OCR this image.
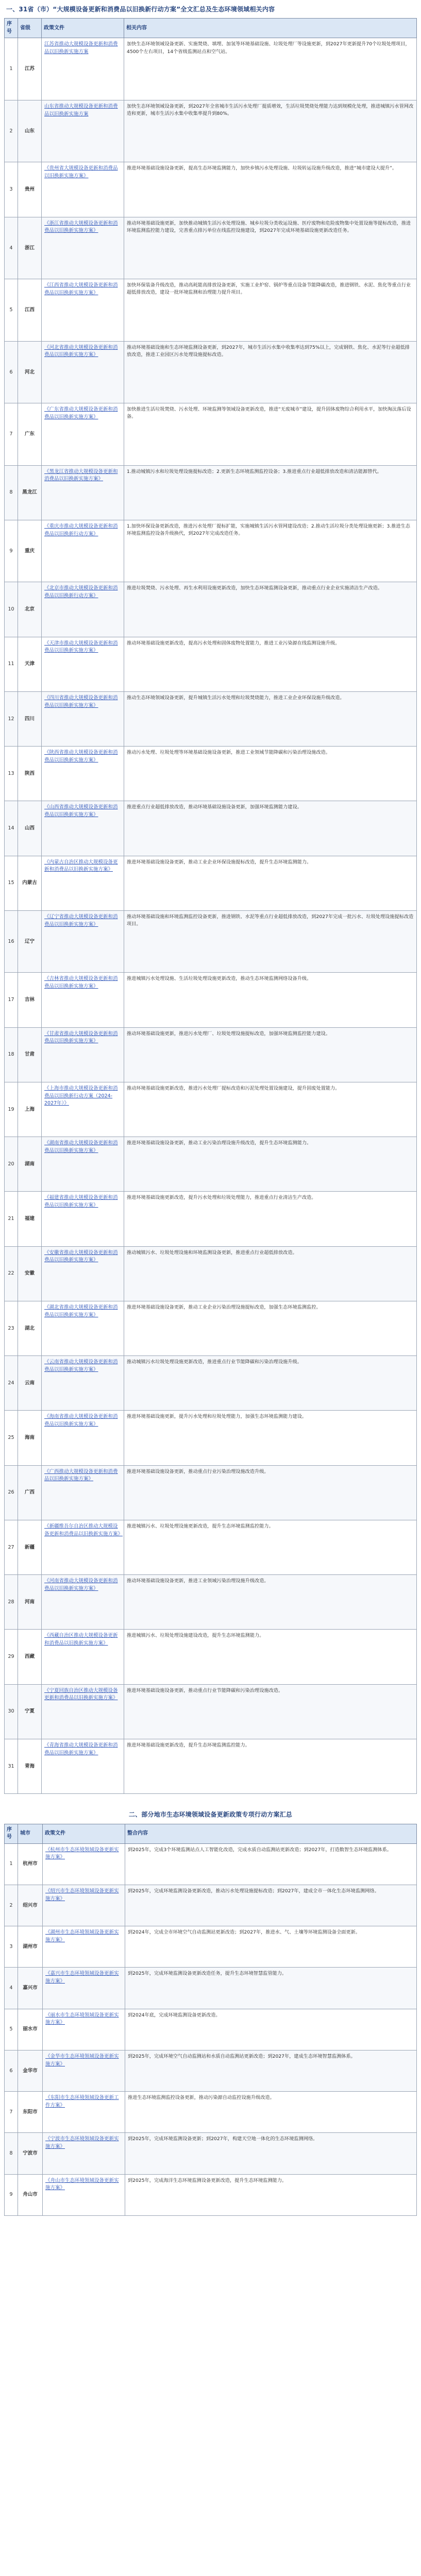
一、31省（市）“大规模设备更新和消费品以旧换新行动方案”全文汇总及生态环境领域相关内容
序号	省级	政策文件	相关内容
1	江苏	江苏省推动大规模设备更新和消费品以旧换新实施方案	加快生态环境领域设备更新、实施焚烧、填埋、加氢等环境基础设施、垃圾处理厂等设施更新，到2027年更新提升70个垃圾处理项目，4500个左右项目，14个省级监测站点和空气站。
2	山东	山东省推动大规模设备更新和消费品以旧换新实施方案	加快生态环境领域设备更新，到2027年全省城市生活污水处理厂提质增效，生活垃圾焚烧处理能力达到规模化处理，推进城镇污水管网改造和更新，城市生活污水集中收集率提升到80%。
3	贵州	《贵州省大规模设备更新和消费品以旧换新实施方案》	推进环境基础设施设备更新，提高生态环境监测能力，加快乡镇污水处理设施、垃圾转运设施升级改造，推进“城市建设大提升”。
4	浙江	《浙江省推动大规模设备更新和消费品以旧换新实施方案》	推动环境基础设施更新，加快推动城镇生活污水处理设施、城乡垃圾分类收运设施、医疗废物和危险废物集中处置设施等提标改造，推进环境监测监控能力建设，完善重点排污单位在线监控设施建设，到2027年完成环境基础设施更新改造任务。
5	江西	《江西省推动大规模设备更新和消费品以旧换新实施方案》	加快环保装备升级改造，推动高耗能高排放设备更新，实施工业炉窑、锅炉等重点设备节能降碳改造，推进钢铁、水泥、焦化等重点行业超低排放改造，建设一批环境监测和治理能力提升项目。
6	河北	《河北省推动大规模设备更新和消费品以旧换新实施方案》	推动环境基础设施和生态环境监测设备更新，到2027年，城市生活污水集中收集率达到75%以上，完成钢铁、焦化、水泥等行业超低排放改造，推进工业园区污水处理设施提标改造。
7	广东	《广东省推动大规模设备更新和消费品以旧换新实施方案》	加快推进生活垃圾焚烧、污水处理、环境监测等领域设备更新改造，推进“无废城市”建设，提升固体废物综合利用水平，加快淘汰落后设备。
8	黑龙江	《黑龙江省推动大规模设备更新和消费品以旧换新实施方案》	1.推动城镇污水和垃圾处理设施提标改造；2.更新生态环境监测监控设备；3.推进重点行业超低排放改造和清洁能源替代。
9	重庆	《重庆市推动大规模设备更新和消费品以旧换新行动方案》	1.加快环保设备更新改造，推进污水处理厂提标扩能，实施城镇生活污水管网建设改造；2.推动生活垃圾分类处理设施更新；3.推进生态环境监测监控设备升级换代，到2027年完成改造任务。
10	北京	《北京市推动大规模设备更新和消费品以旧换新行动方案》	推进垃圾焚烧、污水处理、再生水利用设施更新改造，加快生态环境监测设备更新，推动重点行业企业实施清洁生产改造。
11	天津	《天津市推动大规模设备更新和消费品以旧换新实施方案》	推动环境基础设施更新改造，提高污水处理和固体废物处置能力，推进工业污染源在线监测设施升级。
12	四川	《四川省推动大规模设备更新和消费品以旧换新实施方案》	推动生态环境领域设备更新，提升城镇生活污水处理和垃圾焚烧能力，推进工业企业环保设施升级改造。
13	陕西	《陕西省推动大规模设备更新和消费品以旧换新实施方案》	推动污水处理、垃圾处理等环境基础设施设备更新，推进工业领域节能降碳和污染治理设施改造。
14	山西	《山西省推动大规模设备更新和消费品以旧换新实施方案》	推进重点行业超低排放改造，推动环境基础设施设备更新，加强环境监测能力建设。
15	内蒙古	《内蒙古自治区推动大规模设备更新和消费品以旧换新实施方案》	推进环境基础设施设备更新，推动工业企业环保设施提标改造，提升生态环境监测能力。
16	辽宁	《辽宁省推动大规模设备更新和消费品以旧换新实施方案》	推动环境基础设施和环境监测监控设备更新，推进钢铁、水泥等重点行业超低排放改造，到2027年完成一批污水、垃圾处理设施提标改造项目。
17	吉林	《吉林省推动大规模设备更新和消费品以旧换新实施方案》	推进城镇污水处理设施、生活垃圾处理设施更新改造，推动生态环境监测网络设备升级。
18	甘肃	《甘肃省推动大规模设备更新和消费品以旧换新实施方案》	推动环境基础设施更新，推进污水处理厂、垃圾处理设施提标改造，加强环境监测监控能力建设。
19	上海	《上海市推动大规模设备更新和消费品以旧换新行动方案（2024-2027年）》	推动环境基础设施更新改造，推进污水处理厂提标改造和污泥处理处置设施建设，提升固废处置能力。
20	湖南	《湖南省推动大规模设备更新和消费品以旧换新实施方案》	推进环境基础设施设备更新，推动工业污染治理设施升级改造，提升生态环境监测能力。
21	福建	《福建省推动大规模设备更新和消费品以旧换新实施方案》	推进环境基础设施更新改造，提升污水处理和垃圾处理能力，推进重点行业清洁生产改造。
22	安徽	《安徽省推动大规模设备更新和消费品以旧换新实施方案》	推动城镇污水、垃圾处理设施和环境监测设备更新，推进重点行业超低排放改造。
23	湖北	《湖北省推动大规模设备更新和消费品以旧换新实施方案》	推进环境基础设施设备更新，推动工业企业污染治理设施提标改造，加强生态环境监测监控。
24	云南	《云南省推动大规模设备更新和消费品以旧换新实施方案》	推动城镇污水垃圾处理设施更新改造，推进重点行业节能降碳和污染治理设施升级。
25	海南	《海南省推动大规模设备更新和消费品以旧换新实施方案》	推进环境基础设施更新，提升污水处理和垃圾处理能力，加强生态环境监测能力建设。
26	广西	《广西推动大规模设备更新和消费品以旧换新实施方案》	推进环境基础设施设备更新，推动重点行业污染治理设施改造升级。
27	新疆	《新疆维吾尔自治区推动大规模设备更新和消费品以旧换新实施方案》	推进城镇污水、垃圾处理设施更新改造，提升生态环境监测监控能力。
28	河南	《河南省推动大规模设备更新和消费品以旧换新实施方案》	推动环境基础设施设备更新，推进工业领域污染治理设施升级改造。
29	西藏	《西藏自治区推动大规模设备更新和消费品以旧换新实施方案》	推进城镇污水、垃圾处理设施建设改造，提升生态环境监测能力。
30	宁夏	《宁夏回族自治区推动大规模设备更新和消费品以旧换新实施方案》	推进环境基础设施设备更新，推动重点行业节能降碳和污染治理设施改造。
31	青海	《青海省推动大规模设备更新和消费品以旧换新实施方案》	推进环境基础设施更新改造，提升生态环境监测监控能力。
二、部分地市生态环境领域设备更新政策专项行动方案汇总
序号	城市	政策文件	整合内容
1	杭州市	《杭州市生态环境领域设备更新实施方案》	到2025年，完成3个环境监测站点人工智能化改造，完成水质自动监测站更新改造；到2027年，打造数智生态环境监测体系。
2	绍兴市	《绍兴市生态环境领域设备更新实施方案》	到2025年，完成环境监测设备更新改造，推动污水处理设施提标改造；到2027年，建成全市一体化生态环境监测网络。
3	湖州市	《湖州市生态环境领域设备更新实施方案》	到2024年，完成全市环境空气自动监测站更新改造；到2027年，推进水、气、土壤等环境监测设备全面更新。
4	嘉兴市	《嘉兴市生态环境领域设备更新实施方案》	到2025年，完成环境监测设备更新改造任务，提升生态环境智慧监管能力。
5	丽水市	《丽水市生态环境领域设备更新实施方案》	到2024年底，完成环境监测设备更新改造。
6	金华市	《金华市生态环境领域设备更新实施方案》	到2025年，完成环境空气自动监测站和水质自动监测站更新改造；到2027年，建成生态环境智慧监测体系。
7	东阳市	《东阳市生态环境领域设备更新工作方案》	推进生态环境监测监控设备更新，推动污染源自动监控设施升级改造。
8	宁波市	《宁波市生态环境领域设备更新实施方案》	到2025年，完成环境监测设备更新；到2027年，构建天空地一体化的生态环境监测网络。
9	舟山市	《舟山市生态环境领域设备更新实施方案》	到2025年，完成海洋生态环境监测设备更新改造，提升生态环境监测能力。
